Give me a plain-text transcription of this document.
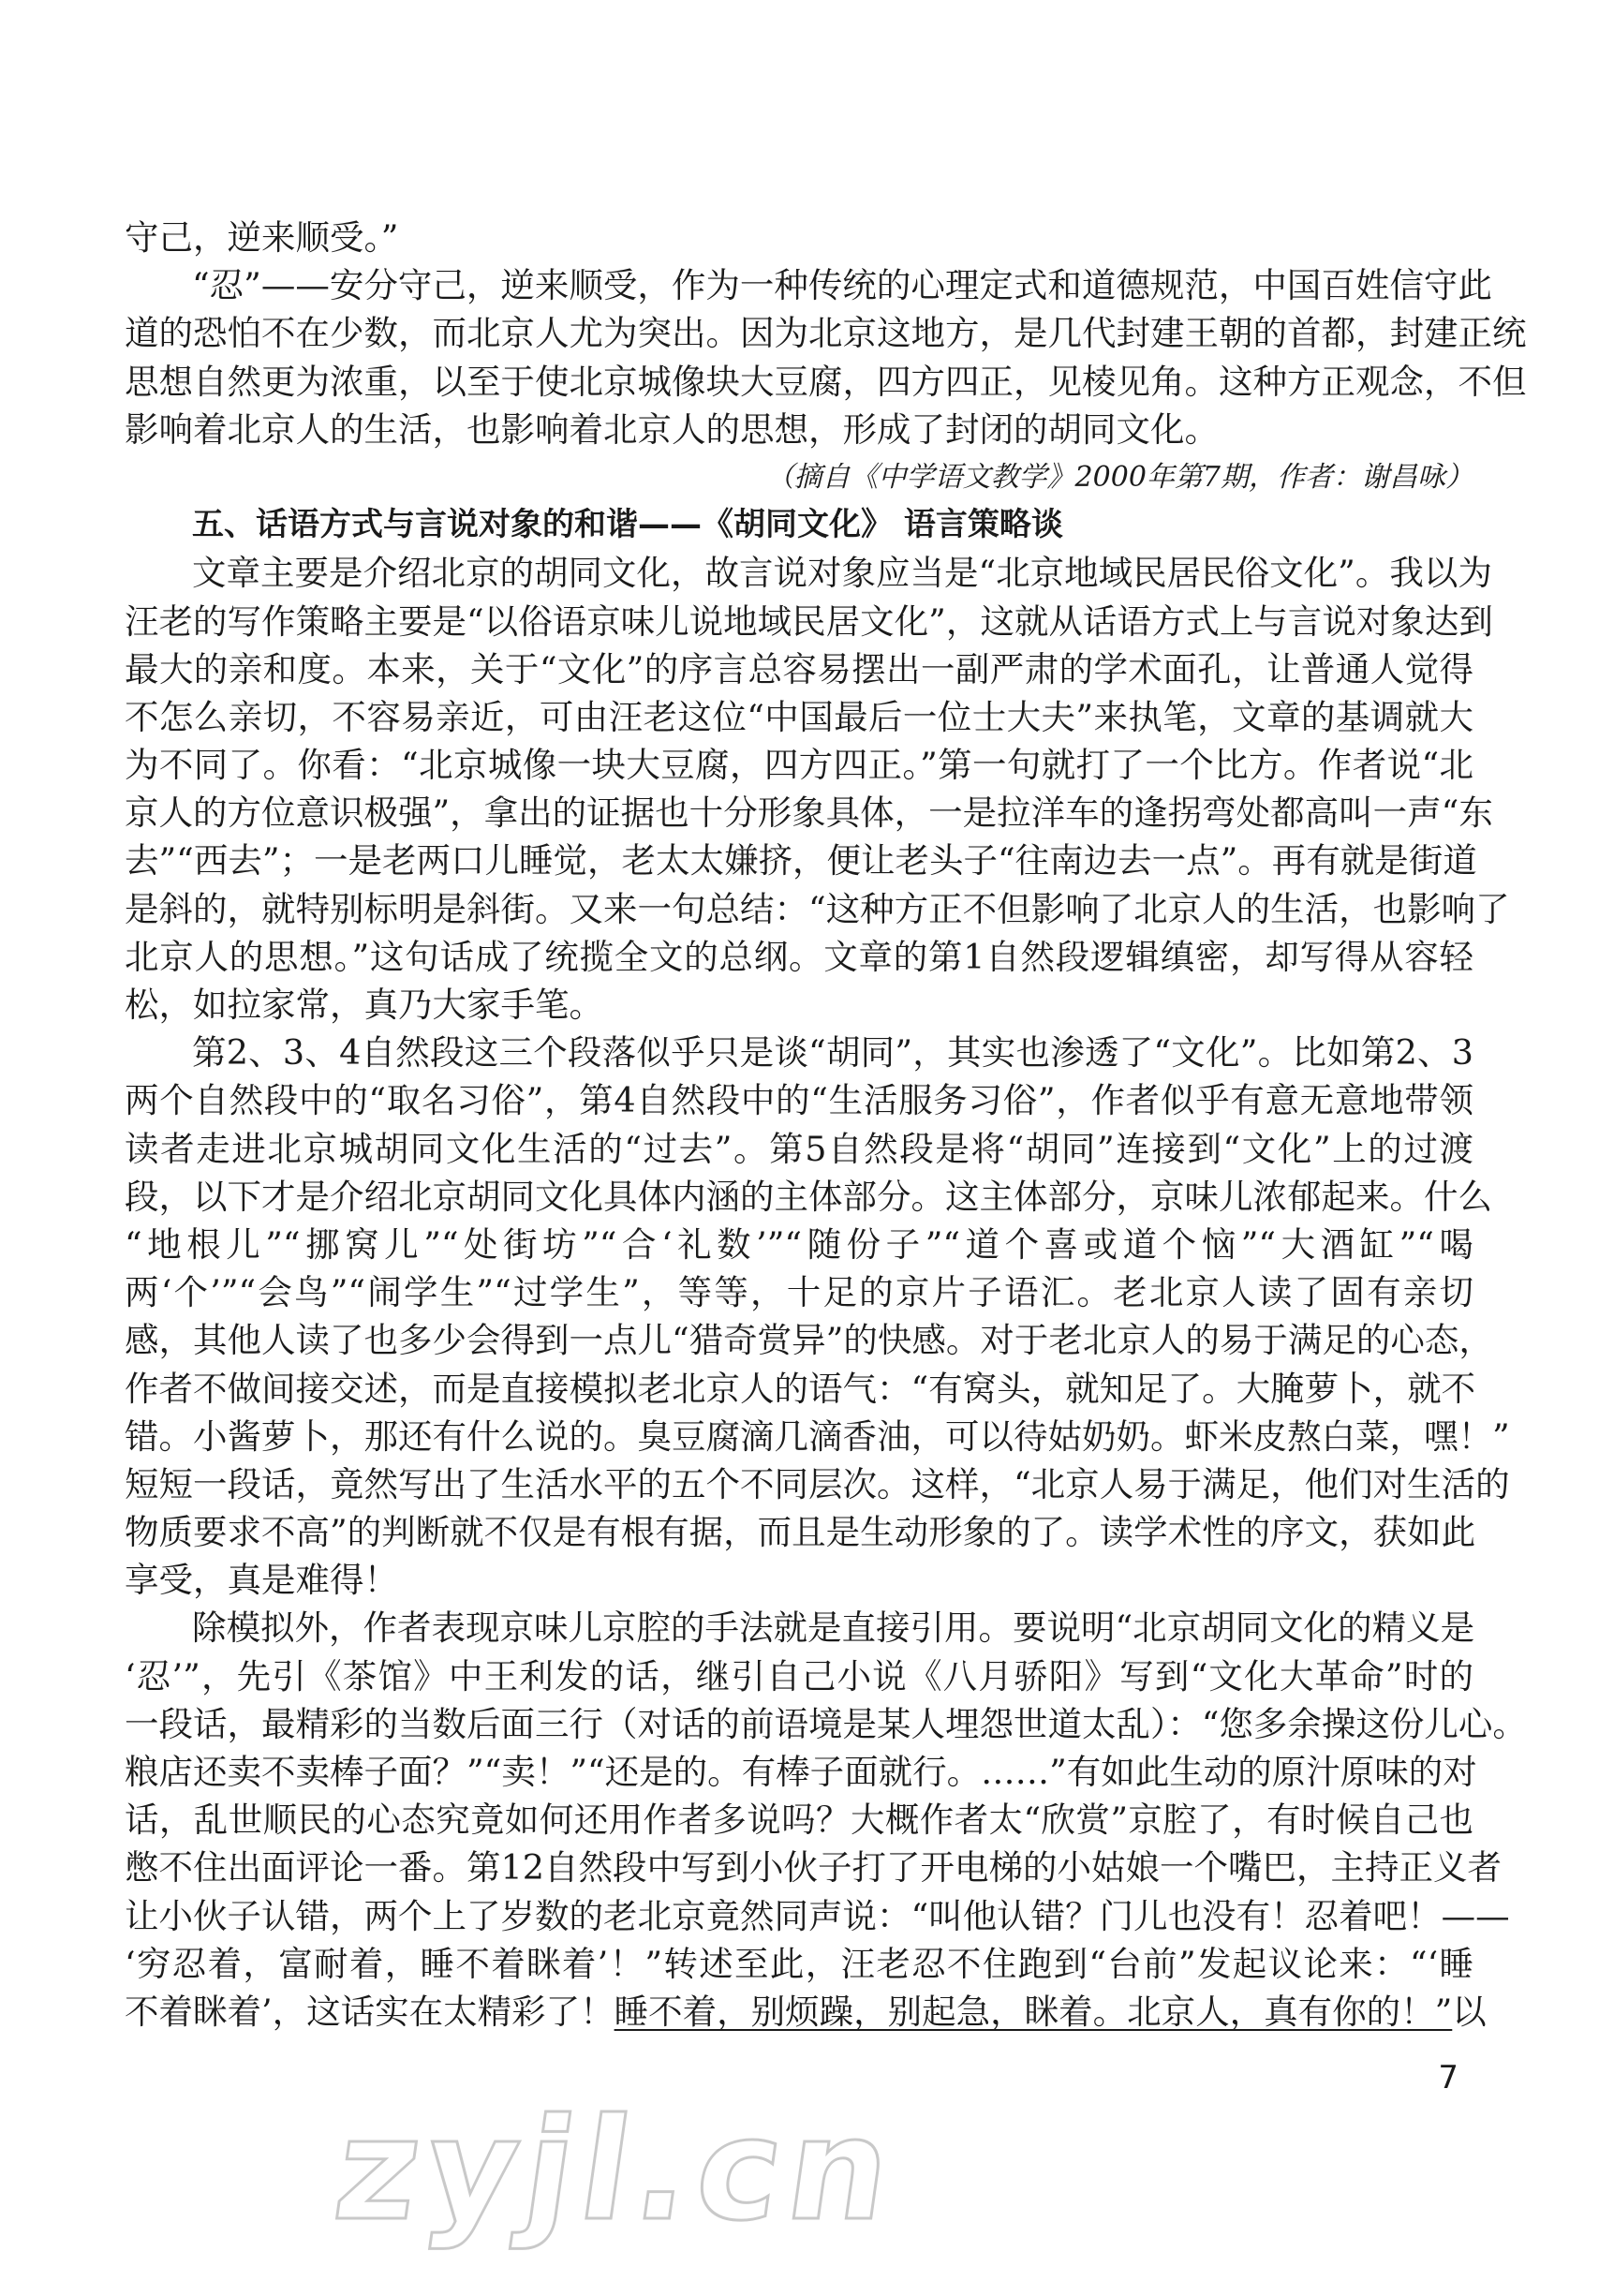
守己，逆来顺受。”
“忍”——安分守己，逆来顺受，作为一种传统的心理定式和道德规范，中国百姓信守此
道的恐怕不在少数，而北京人尤为突出。因为北京这地方，是几代封建王朝的首都，封建正统
思想自然更为浓重，以至于使北京城像块大豆腐，四方四正，见棱见角。这种方正观念，不但
影响着北京人的生活，也影响着北京人的思想，形成了封闭的胡同文化。
（摘自《中学语文教学》2000年第7期，作者：谢昌咏）
五、话语方式与言说对象的和谐——《胡同文化》 语言策略谈
文章主要是介绍北京的胡同文化，故言说对象应当是“北京地域民居民俗文化”。我以为
汪老的写作策略主要是“以俗语京味儿说地域民居文化”，这就从话语方式上与言说对象达到
最大的亲和度。本来，关于“文化”的序言总容易摆出一副严肃的学术面孔，让普通人觉得
不怎么亲切，不容易亲近，可由汪老这位“中国最后一位士大夫”来执笔，文章的基调就大
为不同了。你看：“北京城像一块大豆腐，四方四正。”第一句就打了一个比方。作者说“北
京人的方位意识极强”，拿出的证据也十分形象具体，一是拉洋车的逢拐弯处都高叫一声“东
去”“西去”；一是老两口儿睡觉，老太太嫌挤，便让老头子“往南边去一点”。再有就是街道
是斜的，就特别标明是斜街。又来一句总结：“这种方正不但影响了北京人的生活，也影响了
北京人的思想。”这句话成了统揽全文的总纲。文章的第1自然段逻辑缜密，却写得从容轻
松，如拉家常，真乃大家手笔。
第2、3、4自然段这三个段落似乎只是谈“胡同”，其实也渗透了“文化”。比如第2、3
两个自然段中的“取名习俗”，第4自然段中的“生活服务习俗”，作者似乎有意无意地带领
读者走进北京城胡同文化生活的“过去”。第5自然段是将“胡同”连接到“文化”上的过渡
段，以下才是介绍北京胡同文化具体内涵的主体部分。这主体部分，京味儿浓郁起来。什么
“地根儿”“挪窝儿”“处街坊”“合‘礼数’”“随份子”“道个喜或道个恼”“大酒缸”“喝
两‘个’”“会鸟”“闹学生”“过学生”，等等，十足的京片子语汇。老北京人读了固有亲切
感，其他人读了也多少会得到一点儿“猎奇赏异”的快感。对于老北京人的易于满足的心态，
作者不做间接交述，而是直接模拟老北京人的语气：“有窝头，就知足了。大腌萝卜，就不
错。小酱萝卜，那还有什么说的。臭豆腐滴几滴香油，可以待姑奶奶。虾米皮熬白菜，嘿！”
短短一段话，竟然写出了生活水平的五个不同层次。这样，“北京人易于满足，他们对生活的
物质要求不高”的判断就不仅是有根有据，而且是生动形象的了。读学术性的序文，获如此
享受，真是难得！
除模拟外，作者表现京味儿京腔的手法就是直接引用。要说明“北京胡同文化的精义是
‘忍’”，先引《茶馆》中王利发的话，继引自己小说《八月骄阳》写到“文化大革命”时的
一段话，最精彩的当数后面三行（对话的前语境是某人埋怨世道太乱）：“您多余操这份儿心。
粮店还卖不卖棒子面？”“卖！”“还是的。有棒子面就行。……”有如此生动的原汁原味的对
话，乱世顺民的心态究竟如何还用作者多说吗？大概作者太“欣赏”京腔了，有时候自己也
憋不住出面评论一番。第12自然段中写到小伙子打了开电梯的小姑娘一个嘴巴，主持正义者
让小伙子认错，两个上了岁数的老北京竟然同声说：“叫他认错？门儿也没有！忍着吧！——
‘穷忍着，富耐着，睡不着眯着’！”转述至此，汪老忍不住跑到“台前”发起议论来：“‘睡
不着眯着’，这话实在太精彩了！睡不着，别烦躁，别起急，眯着。北京人，真有你的！”以
7
zyjl.cn
